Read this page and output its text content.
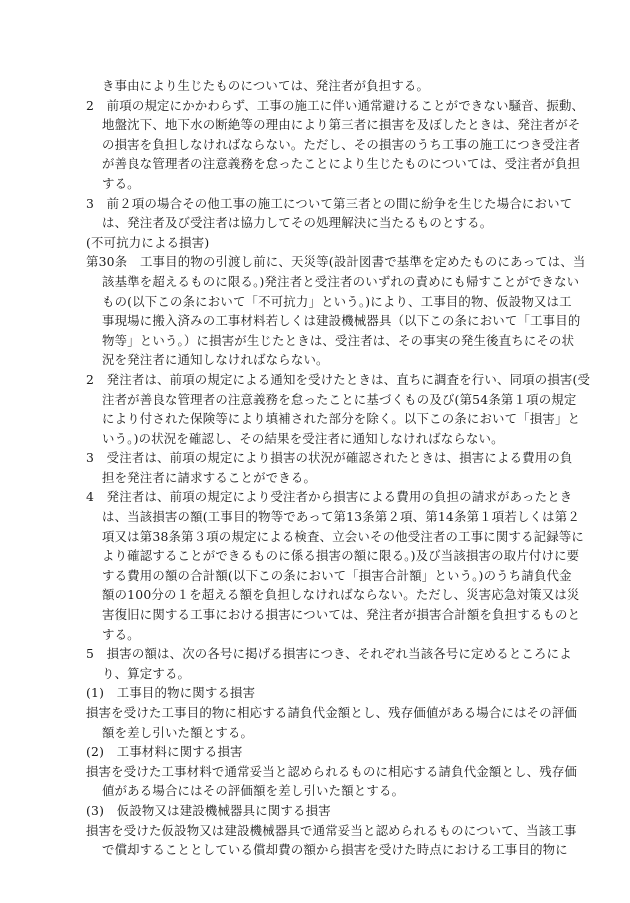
き事由により生じたものについては、発注者が負担する。
2　前項の規定にかかわらず、工事の施工に伴い通常避けることができない騒音、振動、
地盤沈下、地下水の断絶等の理由により第三者に損害を及ぼしたときは、発注者がそ
の損害を負担しなければならない。ただし、その損害のうち工事の施工につき受注者
が善良な管理者の注意義務を怠ったことにより生じたものについては、受注者が負担
する。
3　前２項の場合その他工事の施工について第三者との間に紛争を生じた場合において
は、発注者及び受注者は協力してその処理解決に当たるものとする。
(不可抗力による損害)
第30条　工事目的物の引渡し前に、天災等(設計図書で基準を定めたものにあっては、当
該基準を超えるものに限る。)発注者と受注者のいずれの責めにも帰すことができない
もの(以下この条において「不可抗力」という。)により、工事目的物、仮設物又は工
事現場に搬入済みの工事材料若しくは建設機械器具（以下この条において「工事目的
物等」という。）に損害が生じたときは、受注者は、その事実の発生後直ちにその状
況を発注者に通知しなければならない。
2　発注者は、前項の規定による通知を受けたときは、直ちに調査を行い、同項の損害(受
注者が善良な管理者の注意義務を怠ったことに基づくもの及び(第54条第１項の規定
により付された保険等により填補された部分を除く。以下この条において「損害」と
いう。)の状況を確認し、その結果を受注者に通知しなければならない。
3　受注者は、前項の規定により損害の状況が確認されたときは、損害による費用の負
担を発注者に請求することができる。
4　発注者は、前項の規定により受注者から損害による費用の負担の請求があったとき
は、当該損害の額(工事目的物等であって第13条第２項、第14条第１項若しくは第２
項又は第38条第３項の規定による検査、立会いその他受注者の工事に関する記録等に
より確認することができるものに係る損害の額に限る。)及び当該損害の取片付けに要
する費用の額の合計額(以下この条において「損害合計額」という。)のうち請負代金
額の100分の１を超える額を負担しなければならない。ただし、災害応急対策又は災
害復旧に関する工事における損害については、発注者が損害合計額を負担するものと
する。
5　損害の額は、次の各号に掲げる損害につき、それぞれ当該各号に定めるところによ
り、算定する。
(1)　工事目的物に関する損害
損害を受けた工事目的物に相応する請負代金額とし、残存価値がある場合にはその評価
額を差し引いた額とする。
(2)　工事材料に関する損害
損害を受けた工事材料で通常妥当と認められるものに相応する請負代金額とし、残存価
値がある場合にはその評価額を差し引いた額とする。
(3)　仮設物又は建設機械器具に関する損害
損害を受けた仮設物又は建設機械器具で通常妥当と認められるものについて、当該工事
で償却することとしている償却費の額から損害を受けた時点における工事目的物に
